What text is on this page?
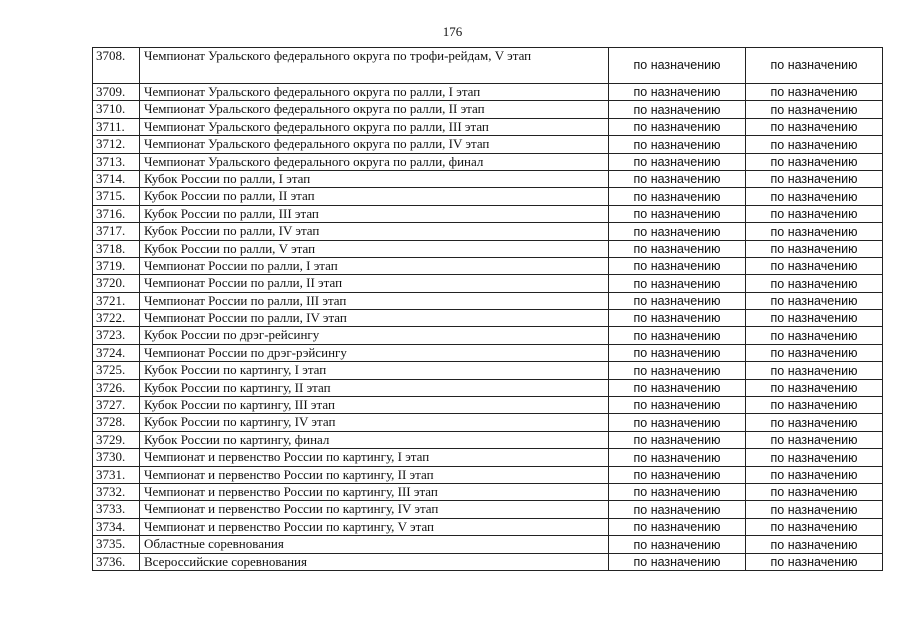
176
3708.	Чемпионат Уральского федерального округа по трофи-рейдам, V этап	по назначению	по назначению
3709.	Чемпионат Уральского федерального округа по ралли, I этап	по назначению	по назначению
3710.	Чемпионат Уральского федерального округа по ралли, II этап	по назначению	по назначению
3711.	Чемпионат Уральского федерального округа по ралли, III этап	по назначению	по назначению
3712.	Чемпионат Уральского федерального округа по ралли, IV этап	по назначению	по назначению
3713.	Чемпионат Уральского федерального округа по ралли, финал	по назначению	по назначению
3714.	Кубок России по ралли, I этап	по назначению	по назначению
3715.	Кубок России по ралли, II этап	по назначению	по назначению
3716.	Кубок России по ралли, III этап	по назначению	по назначению
3717.	Кубок России по ралли, IV этап	по назначению	по назначению
3718.	Кубок России по ралли, V этап	по назначению	по назначению
3719.	Чемпионат России по ралли, I этап	по назначению	по назначению
3720.	Чемпионат России по ралли, II этап	по назначению	по назначению
3721.	Чемпионат России по ралли, III этап	по назначению	по назначению
3722.	Чемпионат России по ралли, IV этап	по назначению	по назначению
3723.	Кубок России по дрэг-рейсингу	по назначению	по назначению
3724.	Чемпионат России по дрэг-рэйсингу	по назначению	по назначению
3725.	Кубок России по картингу, I этап	по назначению	по назначению
3726.	Кубок России по картингу, II этап	по назначению	по назначению
3727.	Кубок России по картингу, III этап	по назначению	по назначению
3728.	Кубок России по картингу, IV этап	по назначению	по назначению
3729.	Кубок России по картингу, финал	по назначению	по назначению
3730.	Чемпионат и первенство России по картингу, I этап	по назначению	по назначению
3731.	Чемпионат и первенство России по картингу, II этап	по назначению	по назначению
3732.	Чемпионат и первенство России по картингу, III этап	по назначению	по назначению
3733.	Чемпионат и первенство России по картингу, IV этап	по назначению	по назначению
3734.	Чемпионат и первенство России по картингу, V этап	по назначению	по назначению
3735.	Областные соревнования	по назначению	по назначению
3736.	Всероссийские соревнования	по назначению	по назначению
